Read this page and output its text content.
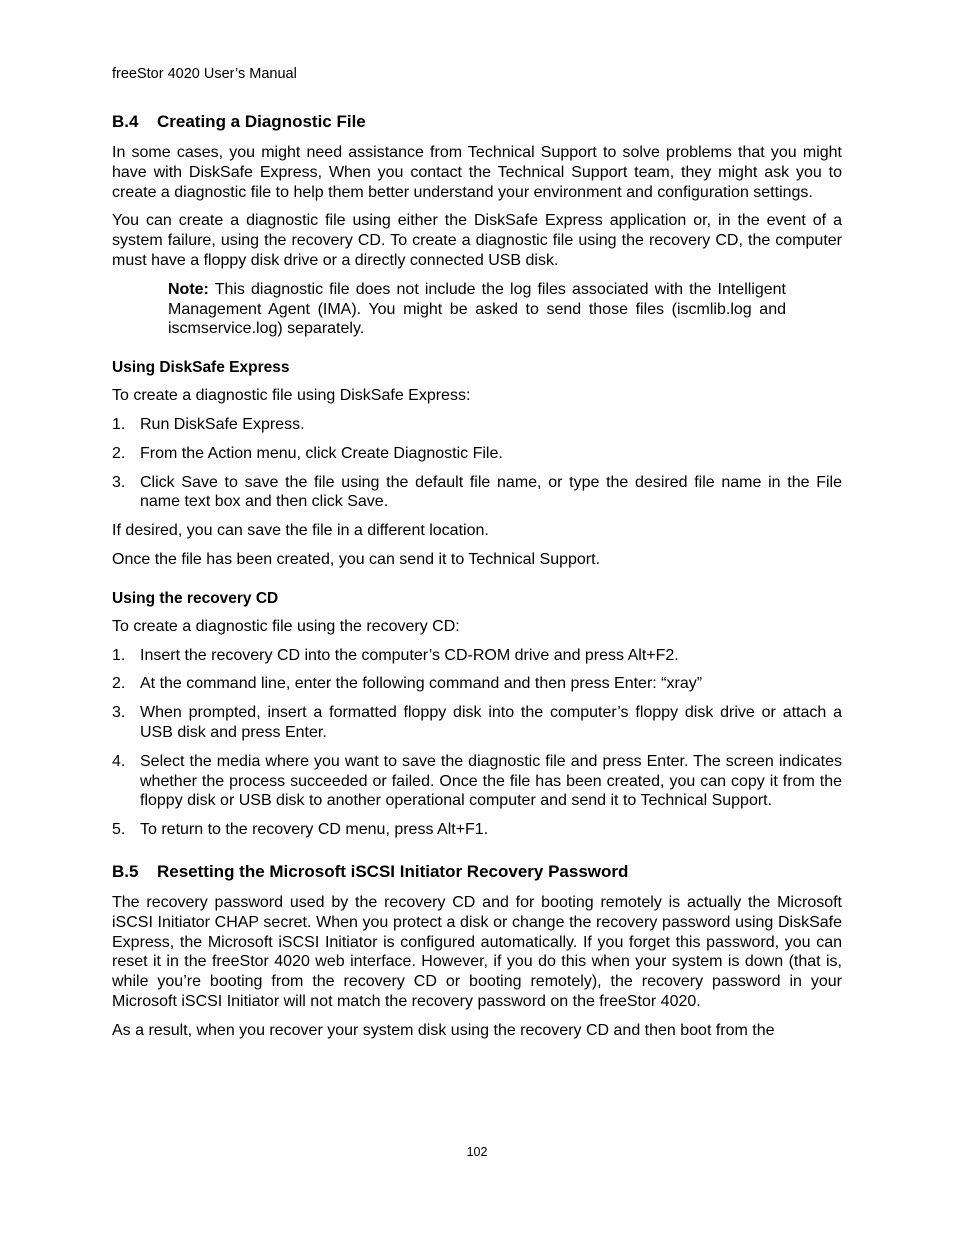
freeStor 4020 User’s Manual
B.4 Creating a Diagnostic File

In some cases, you might need assistance from Technical Support to solve problems that you might have with DiskSafe Express, When you contact the Technical Support team, they might ask you to create a diagnostic file to help them better understand your environment and configuration settings.

You can create a diagnostic file using either the DiskSafe Express application or, in the event of a system failure, using the recovery CD. To create a diagnostic file using the recovery CD, the computer must have a floppy disk drive or a directly connected USB disk.

Note: This diagnostic file does not include the log files associated with the Intelligent Management Agent (IMA). You might be asked to send those files (iscmlib.log and iscmservice.log) separately.
Using DiskSafe Express

To create a diagnostic file using DiskSafe Express:

1. Run DiskSafe Express.
2. From the Action menu, click Create Diagnostic File.
3. Click Save to save the file using the default file name, or type the desired file name in the File name text box and then click Save.

If desired, you can save the file in a different location.

Once the file has been created, you can send it to Technical Support.

Using the recovery CD

To create a diagnostic file using the recovery CD:

1. Insert the recovery CD into the computer’s CD-ROM drive and press Alt+F2.
2. At the command line, enter the following command and then press Enter: “xray”
3. When prompted, insert a formatted floppy disk into the computer’s floppy disk drive or attach a USB disk and press Enter.
4. Select the media where you want to save the diagnostic file and press Enter. The screen indicates whether the process succeeded or failed. Once the file has been created, you can copy it from the floppy disk or USB disk to another operational computer and send it to Technical Support.
5. To return to the recovery CD menu, press Alt+F1.
B.5 Resetting the Microsoft iSCSI Initiator Recovery Password

The recovery password used by the recovery CD and for booting remotely is actually the Microsoft iSCSI Initiator CHAP secret. When you protect a disk or change the recovery password using DiskSafe Express, the Microsoft iSCSI Initiator is configured automatically. If you forget this password, you can reset it in the freeStor 4020 web interface. However, if you do this when your system is down (that is, while you’re booting from the recovery CD or booting remotely), the recovery password in your Microsoft iSCSI Initiator will not match the recovery password on the freeStor 4020.

As a result, when you recover your system disk using the recovery CD and then boot from the

102
